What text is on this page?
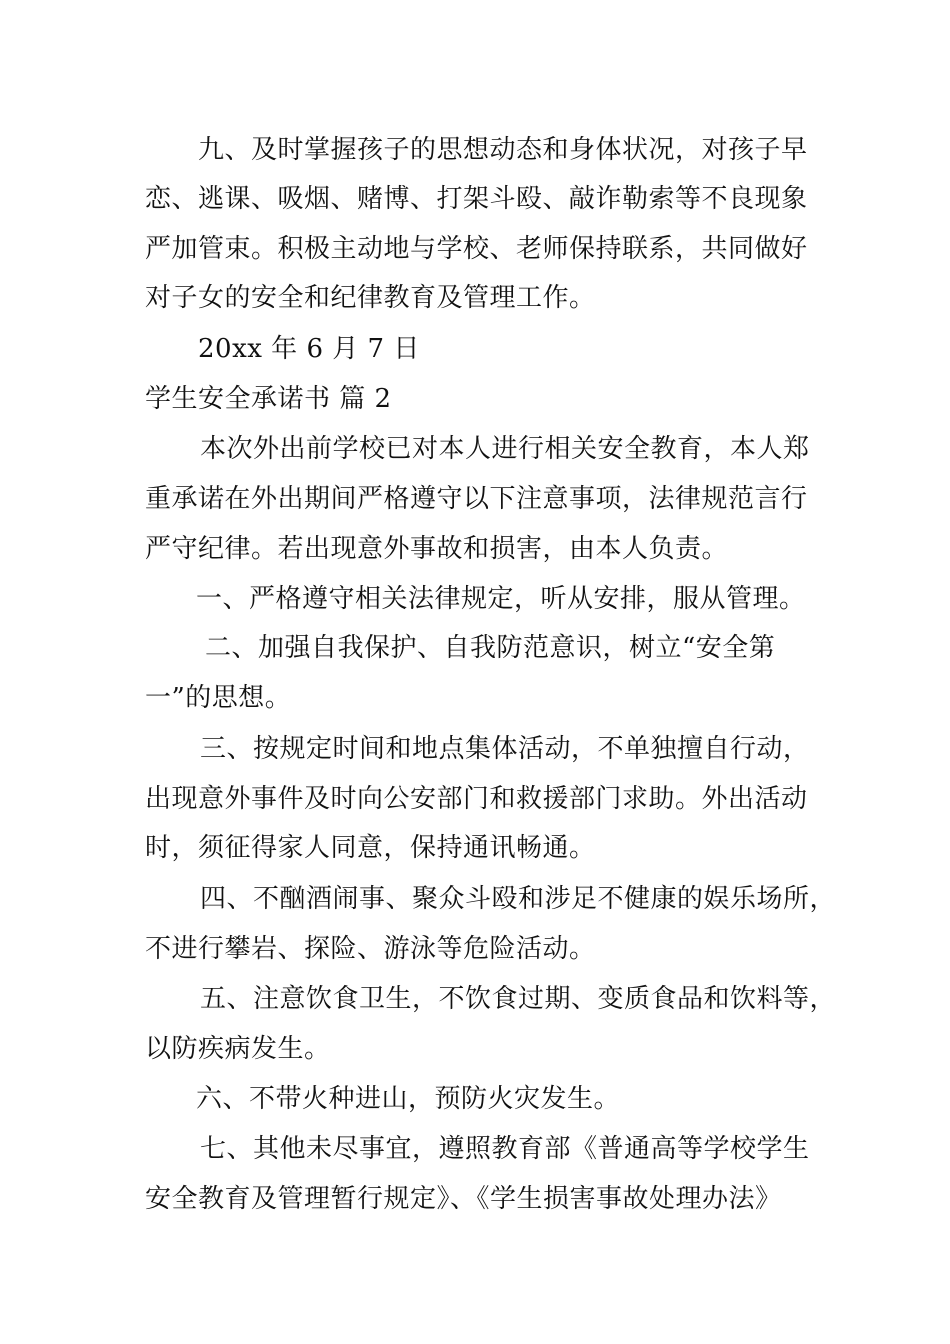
九、及时掌握孩子的思想动态和身体状况，对孩子早
恋、逃课、吸烟、赌博、打架斗殴、敲诈勒索等不良现象
严加管束。积极主动地与学校、老师保持联系，共同做好
对子女的安全和纪律教育及管理工作。
20xx 年 6 月 7 日
学生安全承诺书 篇 2
本次外出前学校已对本人进行相关安全教育，本人郑
重承诺在外出期间严格遵守以下注意事项，法律规范言行
严守纪律。若出现意外事故和损害，由本人负责。
一、严格遵守相关法律规定，听从安排，服从管理。
二、加强自我保护、自我防范意识，树立“安全第
一”的思想。
三、按规定时间和地点集体活动，不单独擅自行动，
出现意外事件及时向公安部门和救援部门求助。外出活动
时，须征得家人同意，保持通讯畅通。
四、不酗酒闹事、聚众斗殴和涉足不健康的娱乐场所，
不进行攀岩、探险、游泳等危险活动。
五、注意饮食卫生，不饮食过期、变质食品和饮料等，
以防疾病发生。
六、不带火种进山，预防火灾发生。
七、其他未尽事宜，遵照教育部《普通高等学校学生
安全教育及管理暂行规定》、《学生损害事故处理办法》
